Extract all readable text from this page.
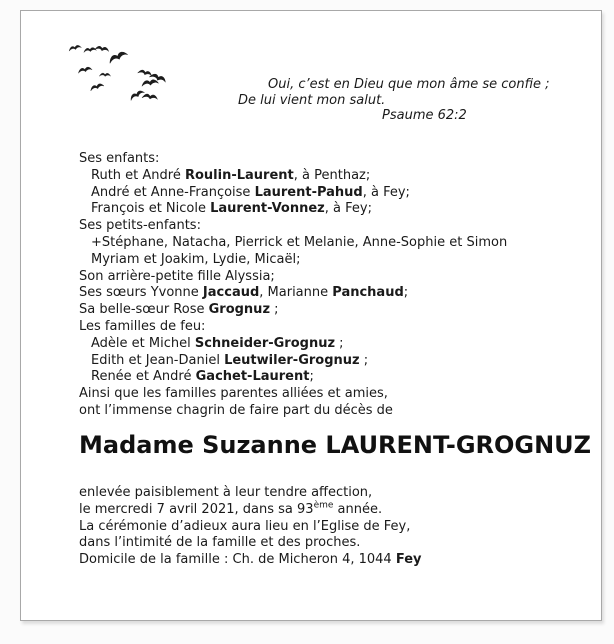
Oui, c’est en Dieu que mon âme se confie ;
De lui vient mon salut.
Psaume 62:2
Ses enfants:
Ruth et André Roulin-Laurent, à Penthaz;
André et Anne-Françoise Laurent-Pahud, à Fey;
François et Nicole Laurent-Vonnez, à Fey;
Ses petits-enfants:
+Stéphane, Natacha, Pierrick et Melanie, Anne-Sophie et Simon
Myriam et Joakim, Lydie, Micaël;
Son arrière-petite fille Alyssia;
Ses sœurs Yvonne Jaccaud, Marianne Panchaud;
Sa belle-sœur Rose Grognuz ;
Les familles de feu:
Adèle et Michel Schneider-Grognuz ;
Edith et Jean-Daniel Leutwiler-Grognuz ;
Renée et André Gachet-Laurent;
Ainsi que les familles parentes alliées et amies,
ont l’immense chagrin de faire part du décès de
Madame Suzanne LAURENT-GROGNUZ
enlevée paisiblement à leur tendre affection,
le mercredi 7 avril 2021, dans sa 93ème année.
La cérémonie d’adieux aura lieu en l’Eglise de Fey,
dans l’intimité de la famille et des proches.
Domicile de la famille : Ch. de Micheron 4, 1044 Fey
